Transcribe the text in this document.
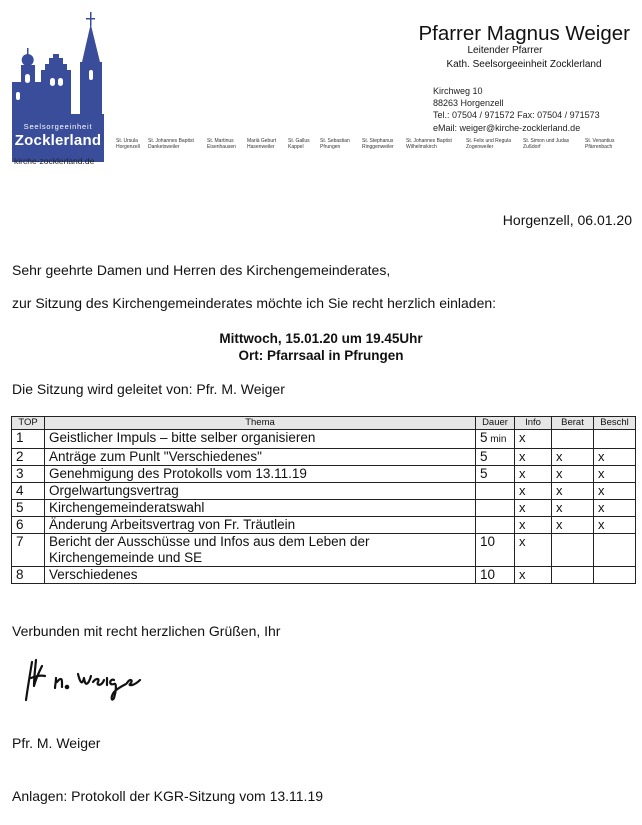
Seelsorgeeinheit
Zocklerland
kirche-zocklerland.de
Pfarrer Magnus Weiger
Leitender Pfarrer
Kath. Seelsorgeeinheit Zocklerland
Kirchweg 10
88263 Horgenzell
Tel.: 07504 / 971572 Fax: 07504 / 971573
eMail: weiger@kirche-zocklerland.de
St. Ursula
Horgenzell
St. Johannes Baptist
Danketsweiler
St. Martinus
Eisenhausen
Mariä Geburt
Hasenweiler
St. Gallus
Kappel
St. Sebastian
Pfrungen
St. Stephanus
Ringgenweiler
St. Johannes Baptist
Wilhelmskirch
St. Felix und Regula
Zogenweiler
St. Simon und Judas
Zußdorf
St. Venantius
Pfärrenbach
Horgenzell, 06.01.20
Sehr geehrte Damen und Herren des Kirchengemeinderates,
zur Sitzung des Kirchengemeinderates möchte ich Sie recht herzlich einladen:
Mittwoch, 15.01.20 um 19.45Uhr
Ort: Pfarrsaal in Pfrungen
Die Sitzung wird geleitet von: Pfr. M. Weiger
TOP	Thema	Dauer	Info	Berat	Beschl
1	Geistlicher Impuls – bitte selber organisieren	5 min	x		
2	Anträge zum Punlt "Verschiedenes"	5	x	x	x
3	Genehmigung des Protokolls vom 13.11.19	5	x	x	x
4	Orgelwartungsvertrag		x	x	x
5	Kirchengemeinderatswahl		x	x	x
6	Änderung Arbeitsvertrag von Fr. Träutlein		x	x	x
7	Bericht der Ausschüsse und Infos aus dem Leben der Kirchengemeinde und SE	10	x		
8	Verschiedenes	10	x		
Verbunden mit recht herzlichen Grüßen, Ihr
Pfr. M. Weiger
Anlagen: Protokoll der KGR-Sitzung vom 13.11.19
